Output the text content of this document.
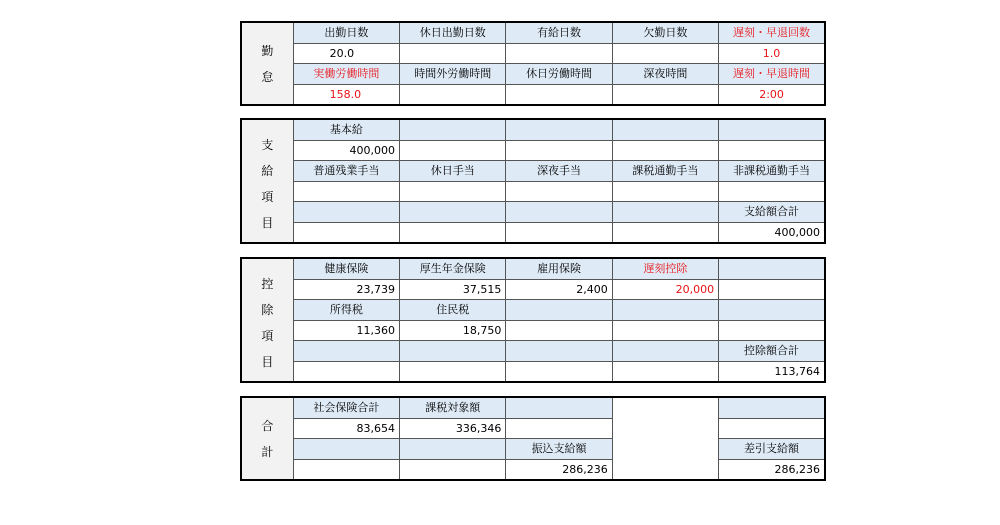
勤
怠	出勤日数	休日出勤日数	有給日数	欠勤日数	遅刻・早退回数
	20.0				1.0
	実働労働時間	時間外労働時間	休日労働時間	深夜時間	遅刻・早退時間
	158.0				2:00
支
給
項
目	基本給				
	400,000				
	普通残業手当	休日手当	深夜手当	課税通勤手当	非課税通勤手当

					支給額合計
					400,000
控
除
項
目	健康保険	厚生年金保険	雇用保険	遅刻控除	
	23,739	37,515	2,400	20,000	
	所得税	住民税			
	11,360	18,750			
					控除額合計
					113,764
合
計	社会保険合計	課税対象額			
	83,654	336,346			
			振込支給額		差引支給額
			286,236		286,236
